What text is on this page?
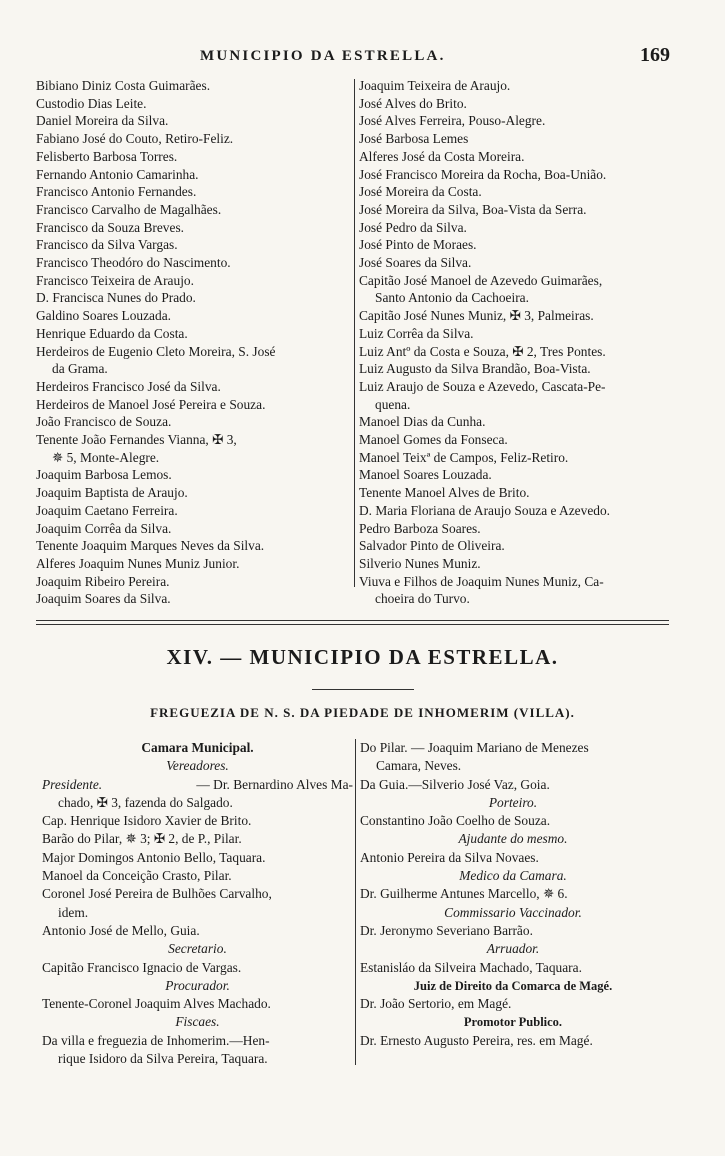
MUNICIPIO DA ESTRELLA.	169
Bibiano Diniz Costa Guimarães.
Custodio Dias Leite.
Daniel Moreira da Silva.
Fabiano José do Couto, Retiro-Feliz.
Felisberto Barbosa Torres.
Fernando Antonio Camarinha.
Francisco Antonio Fernandes.
Francisco Carvalho de Magalhães.
Francisco da Souza Breves.
Francisco da Silva Vargas.
Francisco Theodóro do Nascimento.
Francisco Teixeira de Araujo.
D. Francisca Nunes do Prado.
Galdino Soares Louzada.
Henrique Eduardo da Costa.
Herdeiros de Eugenio Cleto Moreira, S. José
da Grama.
Herdeiros Francisco José da Silva.
Herdeiros de Manoel José Pereira e Souza.
João Francisco de Souza.
Tenente João Fernandes Vianna, ✠ 3,
✵ 5, Monte-Alegre.
Joaquim Barbosa Lemos.
Joaquim Baptista de Araujo.
Joaquim Caetano Ferreira.
Joaquim Corrêa da Silva.
Tenente Joaquim Marques Neves da Silva.
Alferes Joaquim Nunes Muniz Junior.
Joaquim Ribeiro Pereira.
Joaquim Soares da Silva.
Joaquim Teixeira de Araujo.
José Alves do Brito.
José Alves Ferreira, Pouso-Alegre.
José Barbosa Lemes
Alferes José da Costa Moreira.
José Francisco Moreira da Rocha, Boa-União.
José Moreira da Costa.
José Moreira da Silva, Boa-Vista da Serra.
José Pedro da Silva.
José Pinto de Moraes.
José Soares da Silva.
Capitão José Manoel de Azevedo Guimarães,
Santo Antonio da Cachoeira.
Capitão José Nunes Muniz, ✠ 3, Palmeiras.
Luiz Corrêa da Silva.
Luiz Antº da Costa e Souza, ✠ 2, Tres Pontes.
Luiz Augusto da Silva Brandão, Boa-Vista.
Luiz Araujo de Souza e Azevedo, Cascata-Pe-
quena.
Manoel Dias da Cunha.
Manoel Gomes da Fonseca.
Manoel Teixª de Campos, Feliz-Retiro.
Manoel Soares Louzada.
Tenente Manoel Alves de Brito.
D. Maria Floriana de Araujo Souza e Azevedo.
Pedro Barboza Soares.
Salvador Pinto de Oliveira.
Silverio Nunes Muniz.
Viuva e Filhos de Joaquim Nunes Muniz, Ca-
choeira do Turvo.
XIV. — MUNICIPIO DA ESTRELLA.
FREGUEZIA DE N. S. DA PIEDADE DE INHOMERIM (VILLA).
Camara Municipal.
Vereadores.
Presidente.	— Dr. Bernardino Alves Ma-
chado, ✠ 3, fazenda do Salgado.
Cap. Henrique Isidoro Xavier de Brito.
Barão do Pilar, ✵ 3; ✠ 2, de P., Pilar.
Major Domingos Antonio Bello, Taquara.
Manoel da Conceição Crasto, Pilar.
Coronel José Pereira de Bulhões Carvalho,
idem.
Antonio José de Mello, Guia.
Secretario.
Capitão Francisco Ignacio de Vargas.
Procurador.
Tenente-Coronel Joaquim Alves Machado.
Fiscaes.
Da villa e freguezia de Inhomerim.—Hen-
rique Isidoro da Silva Pereira, Taquara.
Do Pilar. — Joaquim Mariano de Menezes
Camara, Neves.
Da Guia.—Silverio José Vaz, Goia.
Porteiro.
Constantino João Coelho de Souza.
Ajudante do mesmo.
Antonio Pereira da Silva Novaes.
Medico da Camara.
Dr. Guilherme Antunes Marcello, ✵ 6.
Commissario Vaccinador.
Dr. Jeronymo Severiano Barrão.
Arruador.
Estanisláo da Silveira Machado, Taquara.
Juiz de Direito da Comarca de Magé.
Dr. João Sertorio, em Magé.
Promotor Publico.
Dr. Ernesto Augusto Pereira, res. em Magé.
